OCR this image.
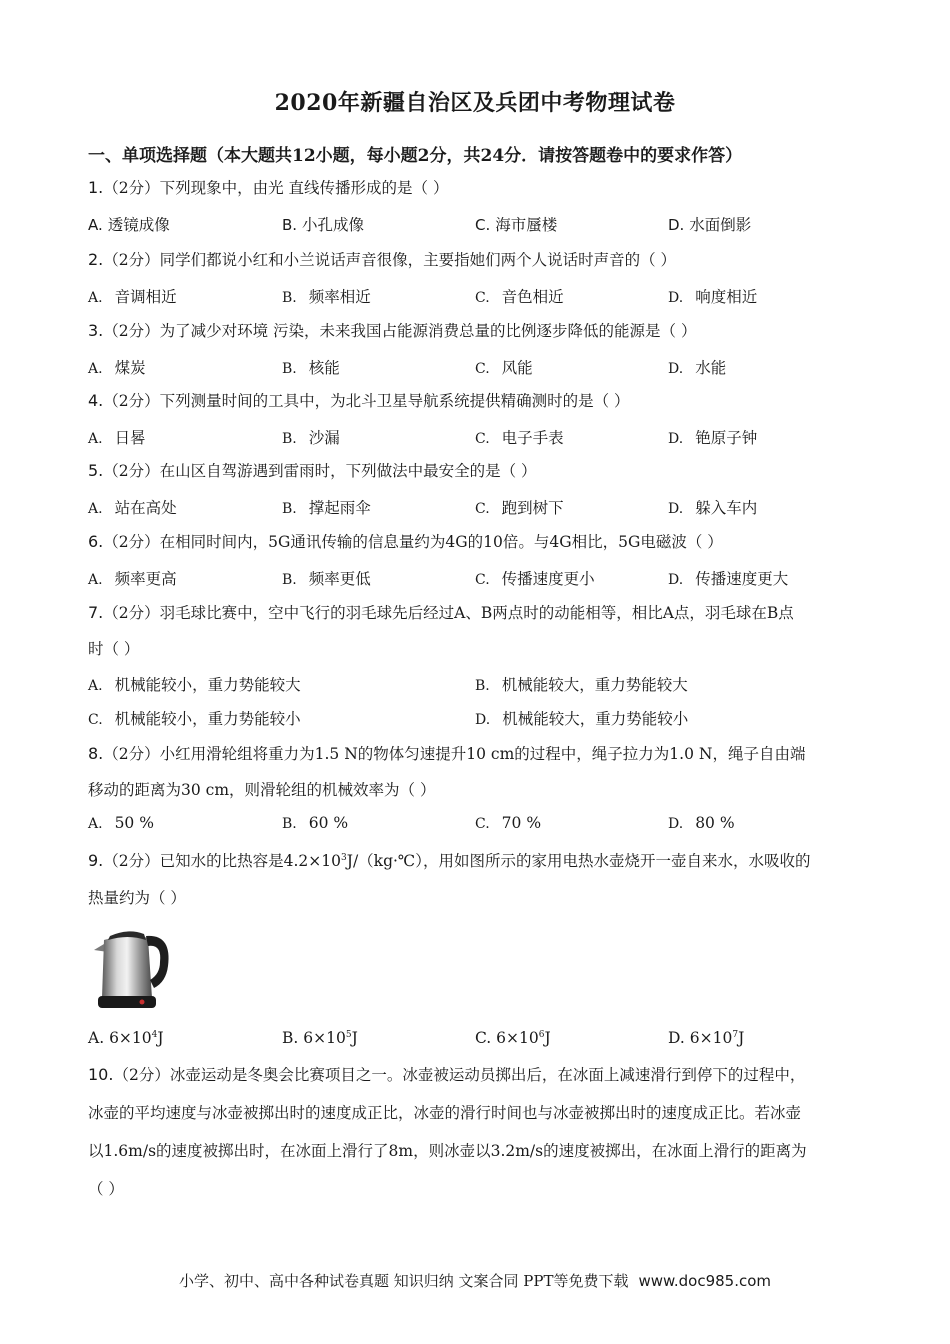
2020年新疆自治区及兵团中考物理试卷
一、单项选择题（本大题共12小题，每小题2分，共24分．请按答题卷中的要求作答）
1.（2分）下列现象中，由光 直线传播形成的是（ ）
A. 透镜成像	B. 小孔成像	C. 海市蜃楼	D. 水面倒影
2.（2分）同学们都说小红和小兰说话声音很像，主要指她们两个人说话时声音的（ ）
A. 音调相近	B. 频率相近	C. 音色相近	D. 响度相近
3.（2分）为了减少对环境 污染，未来我国占能源消费总量的比例逐步降低的能源是（ ）
A. 煤炭	B. 核能	C. 风能	D. 水能
4.（2分）下列测量时间的工具中，为北斗卫星导航系统提供精确测时的是（ ）
A. 日晷	B. 沙漏	C. 电子手表	D. 铯原子钟
5.（2分）在山区自驾游遇到雷雨时，下列做法中最安全的是（ ）
A. 站在高处	B. 撑起雨伞	C. 跑到树下	D. 躲入车内
6.（2分）在相同时间内，5G通讯传输的信息量约为4G的10倍。与4G相比，5G电磁波（ ）
A. 频率更高	B. 频率更低	C. 传播速度更小	D. 传播速度更大
7.（2分）羽毛球比赛中，空中飞行的羽毛球先后经过A、B两点时的动能相等，相比A点，羽毛球在B点
时（ ）
A. 机械能较小，重力势能较大	B. 机械能较大，重力势能较大
C. 机械能较小，重力势能较小	D. 机械能较大，重力势能较小
8.（2分）小红用滑轮组将重力为1.5 N的物体匀速提升10 cm的过程中，绳子拉力为1.0 N，绳子自由端
移动的距离为30 cm，则滑轮组的机械效率为（ ）
A. 50 %	B. 60 %	C. 70 %	D. 80 %
9.（2分）已知水的比热容是$4.2\times 10^3J/(kg\cdot℃)$，用如图所示的家用电热水壶烧开一壶自来水，水吸收的
热量约为（ ）
A. $6\times 10^4J$	B. $6\times 10^5J$	C. $6\times 10^6J$	D. $6\times 10^7J$
10.（2分）冰壶运动是冬奥会比赛项目之一。冰壶被运动员掷出后，在冰面上减速滑行到停下的过程中，
冰壶的平均速度与冰壶被掷出时的速度成正比，冰壶的滑行时间也与冰壶被掷出时的速度成正比。若冰壶
以1.6m/s的速度被掷出时，在冰面上滑行了8m，则冰壶以3.2m/s的速度被掷出，在冰面上滑行的距离为
（ ）
小学、初中、高中各种试卷真题 知识归纳 文案合同 PPT等免费下载 www.doc985.com
